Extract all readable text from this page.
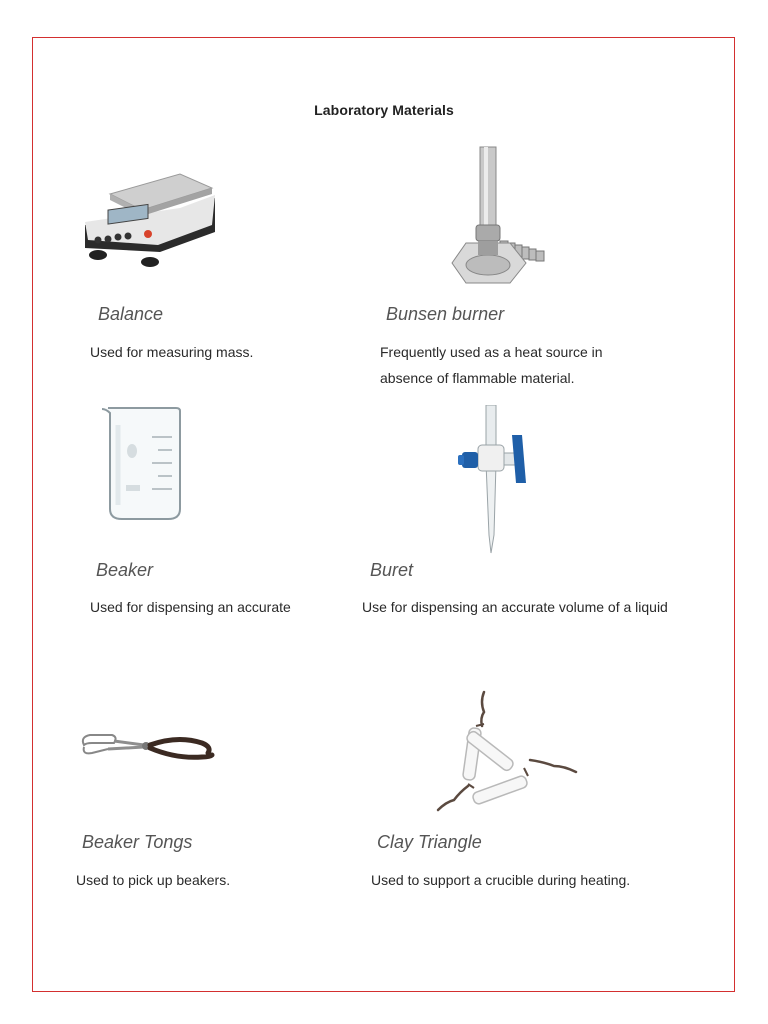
Laboratory Materials
Balance
Used for measuring mass.
Bunsen burner
Frequently used as a heat source in
absence of flammable material.
Beaker
Used for dispensing an accurate
Buret
Use for dispensing an accurate volume of a liquid
Beaker Tongs
Used to pick up beakers.
Clay Triangle
Used to support a crucible during heating.
